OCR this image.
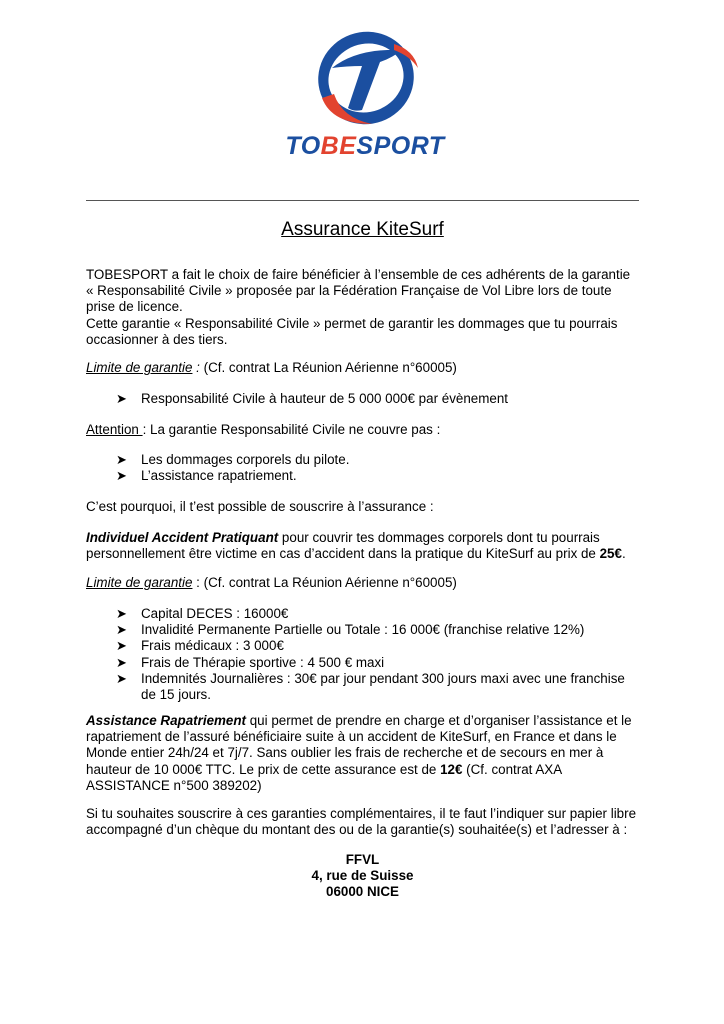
TOBESPORT
Assurance KiteSurf
TOBESPORT a fait le choix de faire bénéficier à l’ensemble de ces adhérents de la garantie
« Responsabilité Civile » proposée par la Fédération Française de Vol Libre lors de toute
prise de licence.
Cette garantie « Responsabilité Civile » permet de garantir les dommages que tu pourrais
occasionner à des tiers.
Limite de garantie : (Cf. contrat La Réunion Aérienne n°60005)
➤ Responsabilité Civile à hauteur de 5 000 000€ par évènement
Attention : La garantie Responsabilité Civile ne couvre pas :
➤ Les dommages corporels du pilote.
➤ L’assistance rapatriement.
C’est pourquoi, il t’est possible de souscrire à l’assurance :
Individuel Accident Pratiquant pour couvrir tes dommages corporels dont tu pourrais
personnellement être victime en cas d’accident dans la pratique du KiteSurf au prix de 25€.
Limite de garantie : (Cf. contrat La Réunion Aérienne n°60005)
➤ Capital DECES : 16000€
➤ Invalidité Permanente Partielle ou Totale : 16 000€ (franchise relative 12%)
➤ Frais médicaux : 3 000€
➤ Frais de Thérapie sportive : 4 500 € maxi
➤ Indemnités Journalières : 30€ par jour pendant 300 jours maxi avec une franchise
de 15 jours.
Assistance Rapatriement qui permet de prendre en charge et d’organiser l’assistance et le
rapatriement de l’assuré bénéficiaire suite à un accident de KiteSurf, en France et dans le
Monde entier 24h/24 et 7j/7. Sans oublier les frais de recherche et de secours en mer à
hauteur de 10 000€ TTC. Le prix de cette assurance est de 12€ (Cf. contrat AXA
ASSISTANCE n°500 389202)
Si tu souhaites souscrire à ces garanties complémentaires, il te faut l’indiquer sur papier libre
accompagné d’un chèque du montant des ou de la garantie(s) souhaitée(s) et l’adresser à :
FFVL
4, rue de Suisse
06000 NICE
